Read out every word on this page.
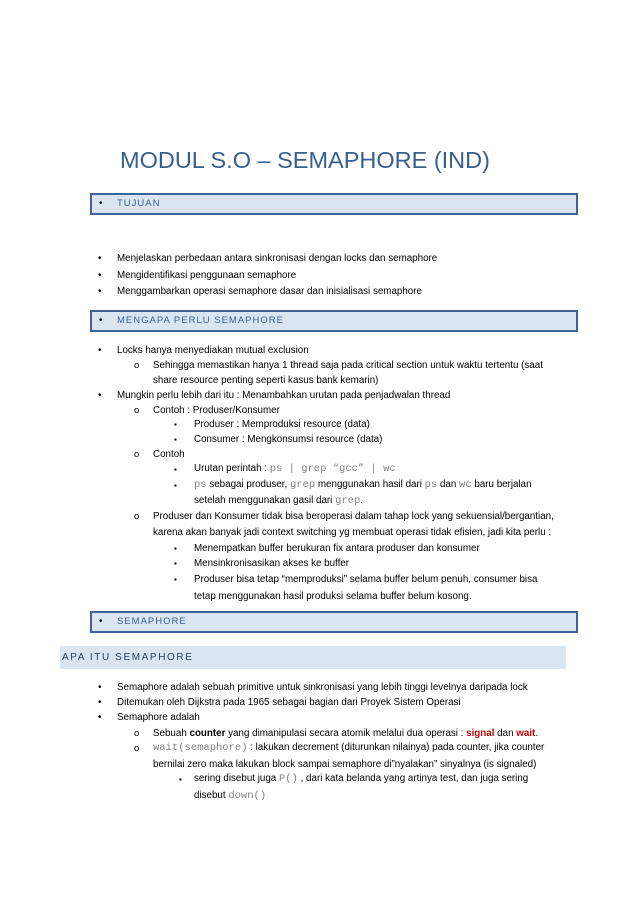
MODUL S.O – SEMAPHORE (IND)
• TUJUAN
• Menjelaskan perbedaan antara sinkronisasi dengan locks dan semaphore
• Mengidentifikasi penggunaan semaphore
• Menggambarkan operasi semaphore dasar dan inisialisasi semaphore
• MENGAPA PERLU SEMAPHORE
• Locks hanya menyediakan mutual exclusion
o Sehingga memastikan hanya 1 thread saja pada critical section untuk waktu tertentu (saat
share resource penting seperti kasus bank kemarin)
• Mungkin perlu lebih dari itu : Menambahkan urutan pada penjadwalan thread
o Contoh : Produser/Konsumer
▪ Produser : Memproduksi resource (data)
▪ Consumer : Mengkonsumsi resource (data)
o Contoh
▪ Urutan perintah : ps | grep “gcc” | wc
▪ ps sebagai produser, grep menggunakan hasil dari ps dan wc baru berjalan
setelah menggunakan gasil dari grep.
o Produser dan Konsumer tidak bisa beroperasi dalam tahap lock yang sekuensial/bergantian,
karena akan banyak jadi context switching yg membuat operasi tidak efisien, jadi kita perlu :
▪ Menempatkan buffer berukuran fix antara produser dan konsumer
▪ Mensinkronisasikan akses ke buffer
▪ Produser bisa tetap “memproduksi” selama buffer belum penuh, consumer bisa
tetap menggunakan hasil produksi selama buffer belum kosong.
• SEMAPHORE
APA ITU SEMAPHORE
• Semaphore adalah sebuah primitive untuk sinkronisasi yang lebih tinggi levelnya daripada lock
• Ditemukan oleh Dijkstra pada 1965 sebagai bagian dari Proyek Sistem Operasi
• Semaphore adalah
o Sebuah counter yang dimanipulasi secara atomik melalui dua operasi : signal dan wait.
o wait(semaphore) : lakukan decrement (diturunkan nilainya) pada counter, jika counter
bernilai zero maka lakukan block sampai semaphore di”nyalakan” sinyalnya (is signaled)
▪ sering disebut juga P() , dari kata belanda yang artinya test, dan juga sering
disebut down()
